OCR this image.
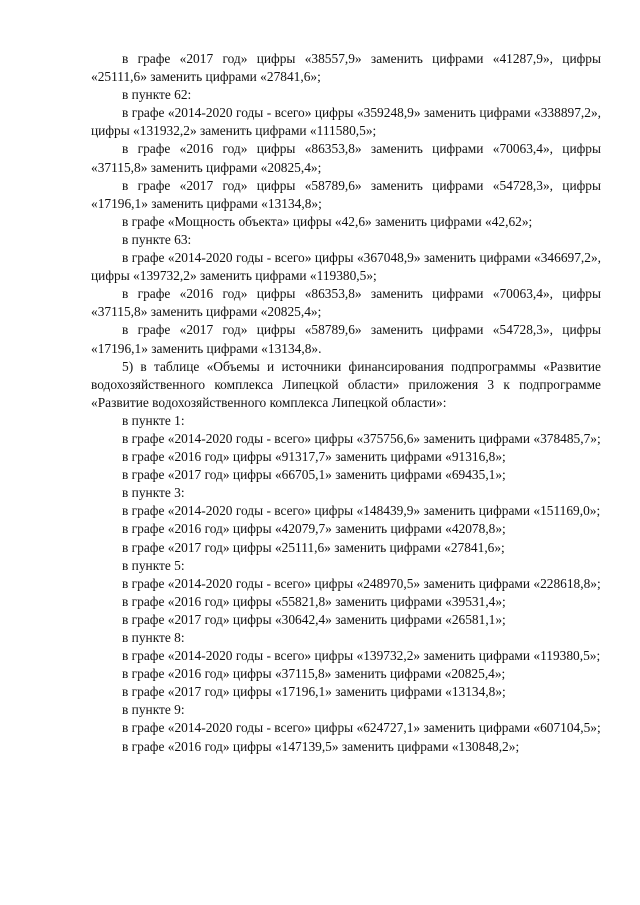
в графе «2017 год» цифры «38557,9» заменить цифрами «41287,9», цифры «25111,6» заменить цифрами «27841,6»;

в пункте 62:

в графе «2014-2020 годы - всего» цифры «359248,9» заменить цифрами «338897,2», цифры «131932,2» заменить цифрами «111580,5»;

в графе «2016 год» цифры «86353,8» заменить цифрами «70063,4», цифры «37115,8» заменить цифрами «20825,4»;

в графе «2017 год» цифры «58789,6» заменить цифрами «54728,3», цифры «17196,1» заменить цифрами «13134,8»;

в графе «Мощность объекта» цифры «42,6» заменить цифрами «42,62»;

в пункте 63:

в графе «2014-2020 годы - всего» цифры «367048,9» заменить цифрами «346697,2», цифры «139732,2» заменить цифрами «119380,5»;

в графе «2016 год» цифры «86353,8» заменить цифрами «70063,4», цифры «37115,8» заменить цифрами «20825,4»;

в графе «2017 год» цифры «58789,6» заменить цифрами «54728,3», цифры «17196,1» заменить цифрами «13134,8».

5) в таблице «Объемы и источники финансирования подпрограммы «Развитие водохозяйственного комплекса Липецкой области» приложения 3 к подпрограмме «Развитие водохозяйственного комплекса Липецкой области»:

в пункте 1:

в графе «2014-2020 годы - всего» цифры «375756,6» заменить цифрами «378485,7»;

в графе «2016 год» цифры «91317,7» заменить цифрами «91316,8»;

в графе «2017 год» цифры «66705,1» заменить цифрами «69435,1»;

в пункте 3:

в графе «2014-2020 годы - всего» цифры «148439,9» заменить цифрами «151169,0»;

в графе «2016 год» цифры «42079,7» заменить цифрами «42078,8»;

в графе «2017 год» цифры «25111,6» заменить цифрами «27841,6»;

в пункте 5:

в графе «2014-2020 годы - всего» цифры «248970,5» заменить цифрами «228618,8»;

в графе «2016 год» цифры «55821,8» заменить цифрами «39531,4»;

в графе «2017 год» цифры «30642,4» заменить цифрами «26581,1»;

в пункте 8:

в графе «2014-2020 годы - всего» цифры «139732,2» заменить цифрами «119380,5»;

в графе «2016 год» цифры «37115,8» заменить цифрами «20825,4»;

в графе «2017 год» цифры «17196,1» заменить цифрами «13134,8»;

в пункте 9:

в графе «2014-2020 годы - всего» цифры «624727,1» заменить цифрами «607104,5»;

в графе «2016 год» цифры «147139,5» заменить цифрами «130848,2»;
